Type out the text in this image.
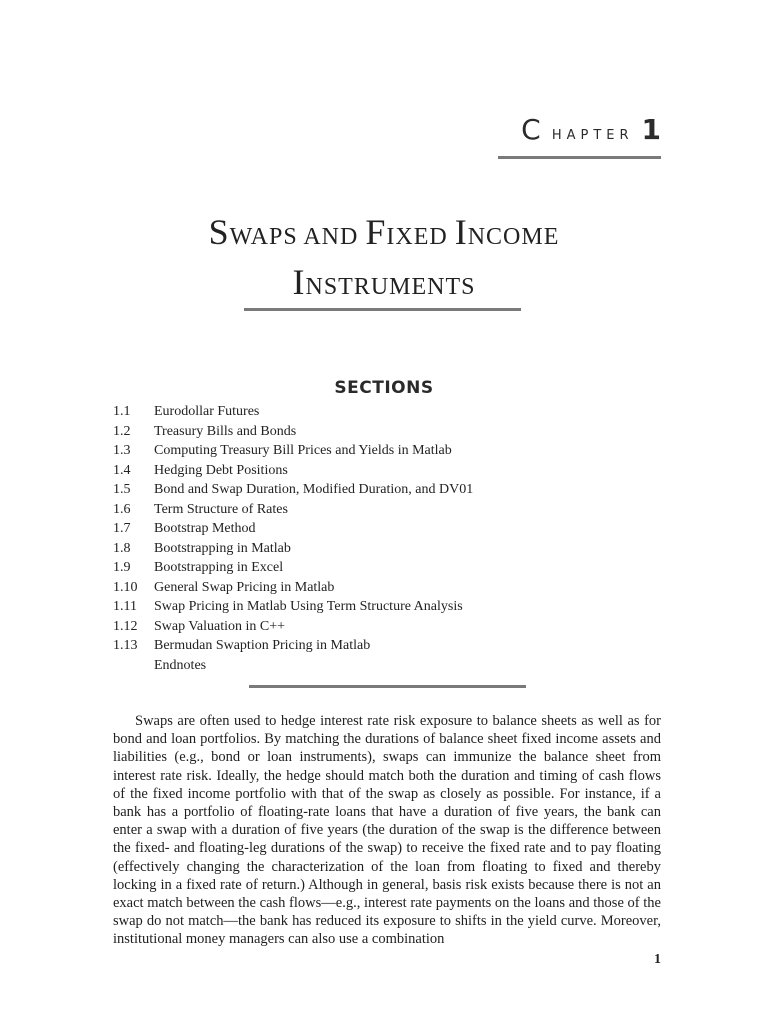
C HAPTER 1
SWAPS AND FIXED INCOME
INSTRUMENTS
SECTIONS
1.1	Eurodollar Futures
1.2	Treasury Bills and Bonds
1.3	Computing Treasury Bill Prices and Yields in Matlab
1.4	Hedging Debt Positions
1.5	Bond and Swap Duration, Modified Duration, and DV01
1.6	Term Structure of Rates
1.7	Bootstrap Method
1.8	Bootstrapping in Matlab
1.9	Bootstrapping in Excel
1.10	General Swap Pricing in Matlab
1.11	Swap Pricing in Matlab Using Term Structure Analysis
1.12	Swap Valuation in C++
1.13	Bermudan Swaption Pricing in Matlab
Endnotes

Swaps are often used to hedge interest rate risk exposure to balance sheets as well as for bond and loan portfolios. By matching the durations of balance sheet fixed income assets and liabilities (e.g., bond or loan instruments), swaps can immunize the balance sheet from interest rate risk. Ideally, the hedge should match both the duration and timing of cash flows of the fixed income portfolio with that of the swap as closely as possible. For instance, if a bank has a portfolio of floating-rate loans that have a duration of five years, the bank can enter a swap with a duration of five years (the duration of the swap is the difference between the fixed- and floating-leg durations of the swap) to receive the fixed rate and to pay floating (effectively changing the characterization of the loan from floating to fixed and thereby locking in a fixed rate of return.) Although in general, basis risk exists because there is not an exact match between the cash flows—e.g., interest rate payments on the loans and those of the swap do not match—the bank has reduced its exposure to shifts in the yield curve. Moreover, institutional money managers can also use a combination

1
